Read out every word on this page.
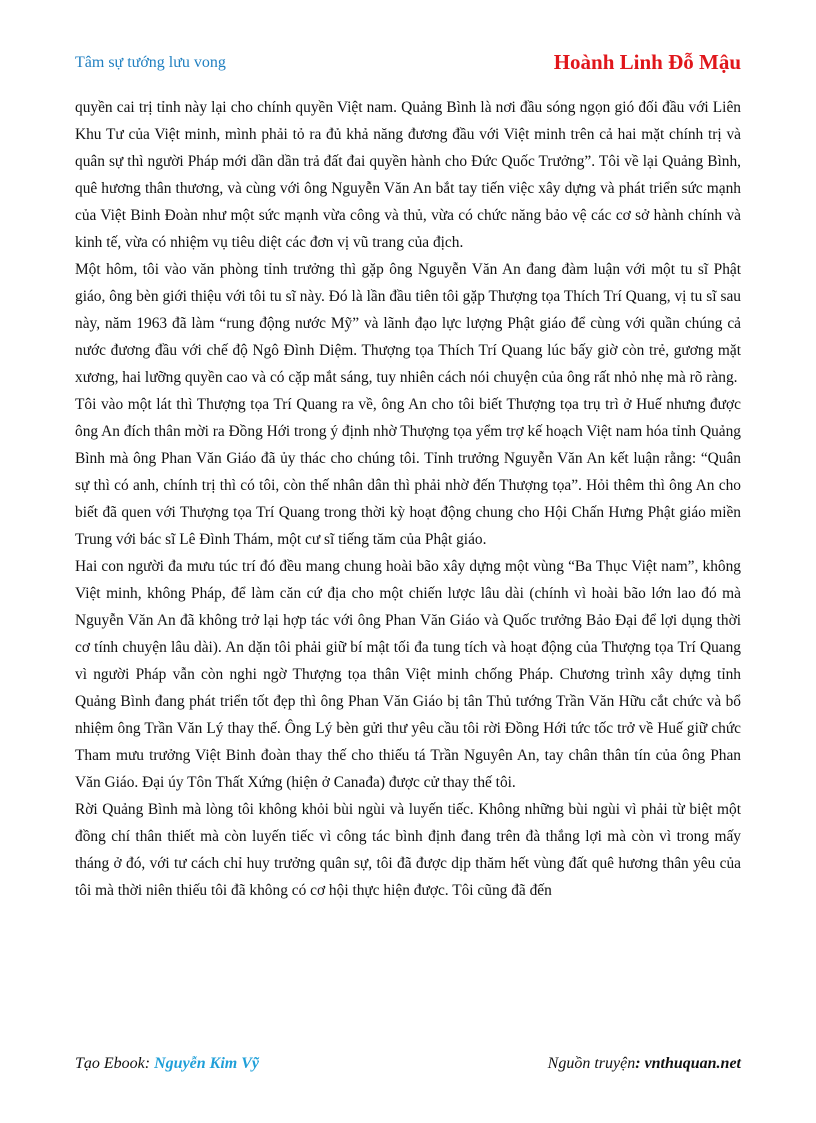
Tâm sự tướng lưu vong	Hoành Linh Đỗ Mậu

quyền cai trị tỉnh này lại cho chính quyền Việt nam. Quảng Bình là nơi đầu sóng ngọn gió đối đầu với Liên Khu Tư của Việt minh, mình phải tỏ ra đủ khả năng đương đầu với Việt minh trên cả hai mặt chính trị và quân sự thì người Pháp mới dần dần trả đất đai quyền hành cho Đức Quốc Trưởng”. Tôi về lại Quảng Bình, quê hương thân thương, và cùng với ông Nguyễn Văn An bắt tay tiến việc xây dựng và phát triển sức mạnh của Việt Binh Đoàn như một sức mạnh vừa công và thủ, vừa có chức năng bảo vệ các cơ sở hành chính và kinh tế, vừa có nhiệm vụ tiêu diệt các đơn vị vũ trang của địch.

Một hôm, tôi vào văn phòng tỉnh trưởng thì gặp ông Nguyễn Văn An đang đàm luận với một tu sĩ Phật giáo, ông bèn giới thiệu với tôi tu sĩ này. Đó là lần đầu tiên tôi gặp Thượng tọa Thích Trí Quang, vị tu sĩ sau này, năm 1963 đã làm “rung động nước Mỹ” và lãnh đạo lực lượng Phật giáo để cùng với quần chúng cả nước đương đầu với chế độ Ngô Đình Diệm. Thượng tọa Thích Trí Quang lúc bấy giờ còn trẻ, gương mặt xương, hai lưỡng quyền cao và có cặp mắt sáng, tuy nhiên cách nói chuyện của ông rất nhỏ nhẹ mà rõ ràng.

Tôi vào một lát thì Thượng tọa Trí Quang ra về, ông An cho tôi biết Thượng tọa trụ trì ở Huế nhưng được ông An đích thân mời ra Đồng Hới trong ý định nhờ Thượng tọa yểm trợ kế hoạch Việt nam hóa tỉnh Quảng Bình mà ông Phan Văn Giáo đã ủy thác cho chúng tôi. Tỉnh trưởng Nguyễn Văn An kết luận rằng: “Quân sự thì có anh, chính trị thì có tôi, còn thế nhân dân thì phải nhờ đến Thượng tọa”. Hỏi thêm thì ông An cho biết đã quen với Thượng tọa Trí Quang trong thời kỳ hoạt động chung cho Hội Chấn Hưng Phật giáo miền Trung với bác sĩ Lê Đình Thám, một cư sĩ tiếng tăm của Phật giáo.

Hai con người đa mưu túc trí đó đều mang chung hoài bão xây dựng một vùng “Ba Thục Việt nam”, không Việt minh, không Pháp, để làm căn cứ địa cho một chiến lược lâu dài (chính vì hoài bão lớn lao đó mà Nguyễn Văn An đã không trở lại hợp tác với ông Phan Văn Giáo và Quốc trưởng Bảo Đại để lợi dụng thời cơ tính chuyện lâu dài). An dặn tôi phải giữ bí mật tối đa tung tích và hoạt động của Thượng tọa Trí Quang vì người Pháp vẫn còn nghi ngờ Thượng tọa thân Việt minh chống Pháp. Chương trình xây dựng tỉnh Quảng Bình đang phát triển tốt đẹp thì ông Phan Văn Giáo bị tân Thủ tướng Trần Văn Hữu cắt chức và bổ nhiệm ông Trần Văn Lý thay thế. Ông Lý bèn gửi thư yêu cầu tôi rời Đồng Hới tức tốc trở về Huế giữ chức Tham mưu trưởng Việt Binh đoàn thay thế cho thiếu tá Trần Nguyên An, tay chân thân tín của ông Phan Văn Giáo. Đại úy Tôn Thất Xứng (hiện ở Canađa) được cử thay thế tôi.

Rời Quảng Bình mà lòng tôi không khỏi bùi ngùi và luyến tiếc. Không những bùi ngùi vì phải từ biệt một đồng chí thân thiết mà còn luyến tiếc vì công tác bình định đang trên đà thắng lợi mà còn vì trong mấy tháng ở đó, với tư cách chỉ huy trưởng quân sự, tôi đã được dịp thăm hết vùng đất quê hương thân yêu của tôi mà thời niên thiếu tôi đã không có cơ hội thực hiện được. Tôi cũng đã đến

Tạo Ebook: Nguyễn Kim Vỹ	Nguồn truyện: vnthuquan.net
